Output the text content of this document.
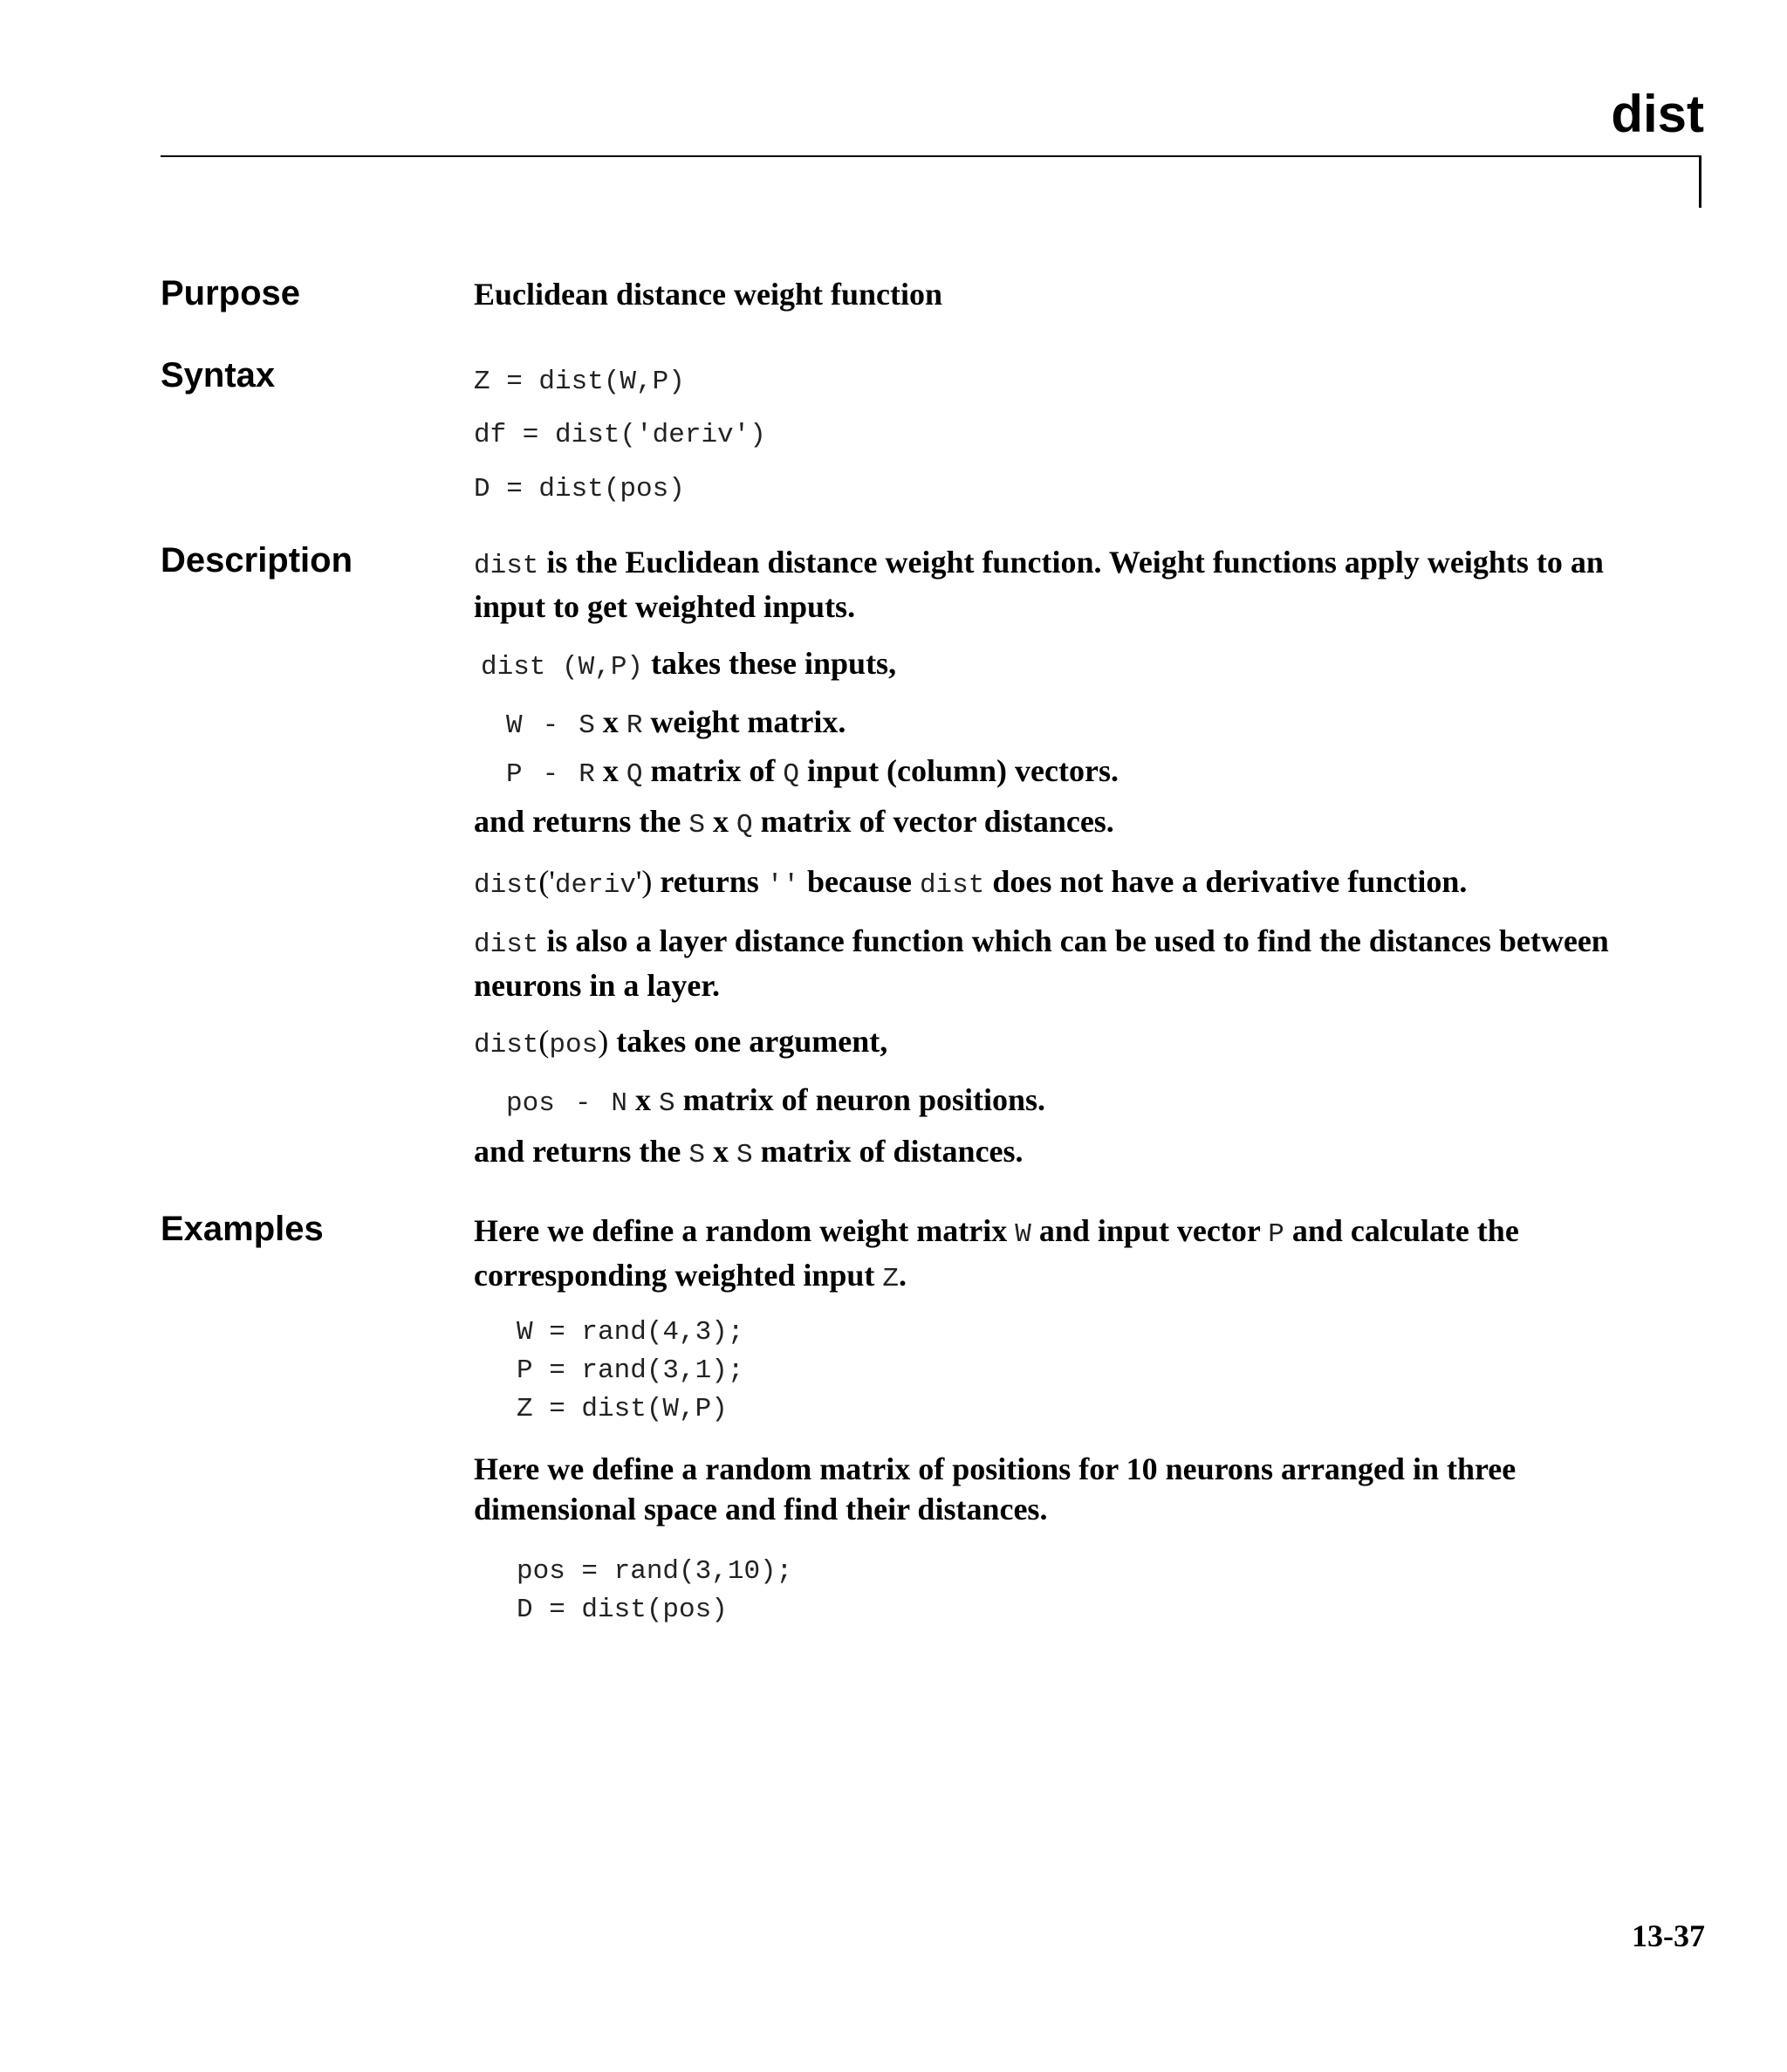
dist
Purpose	Euclidean distance weight function
Syntax	Z = dist(W,P)
df = dist('deriv')
D = dist(pos)
Description	dist is the Euclidean distance weight function. Weight functions apply weights to an input to get weighted inputs.
dist (W,P) takes these inputs,
W - S x R weight matrix.
P - R x Q matrix of Q input (column) vectors.
and returns the S x Q matrix of vector distances.
dist('deriv') returns '' because dist does not have a derivative function.
dist is also a layer distance function which can be used to find the distances between neurons in a layer.
dist(pos) takes one argument,
pos - N x S matrix of neuron positions.
and returns the S x S matrix of distances.
Examples	Here we define a random weight matrix W and input vector P and calculate the corresponding weighted input Z.
W = rand(4,3);
P = rand(3,1);
Z = dist(W,P)
Here we define a random matrix of positions for 10 neurons arranged in three dimensional space and find their distances.
pos = rand(3,10);
D = dist(pos)
13-37
